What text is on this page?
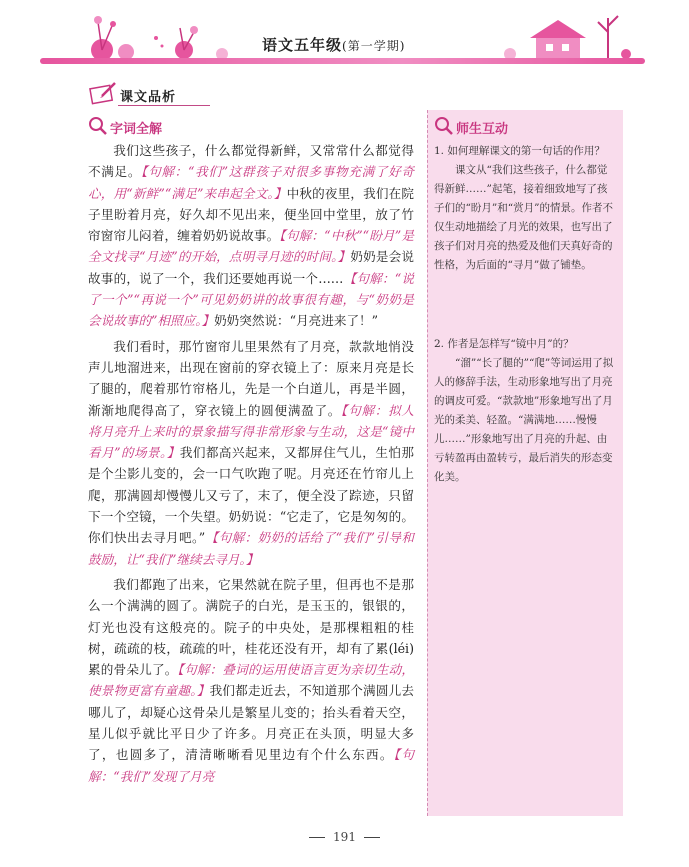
语文五年级(第一学期)
课文品析
字词全解

我们这些孩子，什么都觉得新鲜，又常常什么都觉得不满足。【句解：“我们”这群孩子对很多事物充满了好奇心，用“新鲜”“满足”来串起全文。】中秋的夜里，我们在院子里盼着月亮，好久却不见出来，便坐回中堂里，放了竹帘窗帘儿闷着，缠着奶奶说故事。【句解：“中秋”“盼月”是全文找寻“月迹”的开始，点明寻月迹的时间。】奶奶是会说故事的，说了一个，我们还要她再说一个……【句解：“说了一个”“再说一个”可见奶奶讲的故事很有趣，与“奶奶是会说故事的”相照应。】奶奶突然说：“月亮进来了！”

我们看时，那竹窗帘儿里果然有了月亮，款款地悄没声儿地溜进来，出现在窗前的穿衣镜上了：原来月亮是长了腿的，爬着那竹帘格儿，先是一个白道儿，再是半圆，渐渐地爬得高了，穿衣镜上的圆便满盈了。【句解：拟人　将月亮升上来时的景象描写得非常形象与生动，这是“镜中看月”的场景。】我们都高兴起来，又都屏住气儿，生怕那是个尘影儿变的，会一口气吹跑了呢。月亮还在竹帘儿上爬，那满圆却慢慢儿又亏了，末了，便全没了踪迹，只留下一个空镜，一个失望。奶奶说：“它走了，它是匆匆的。你们快出去寻月吧。”【句解：奶奶的话给了“我们”引导和鼓励，让“我们”继续去寻月。】

我们都跑了出来，它果然就在院子里，但再也不是那么一个满满的圆了。满院子的白光，是玉玉的，银银的，灯光也没有这般亮的。院子的中央处，是那棵粗粗的桂树，疏疏的枝，疏疏的叶，桂花还没有开，却有了累(léi)累的骨朵儿了。【句解：叠词的运用使语言更为亲切生动，使景物更富有童趣。】我们都走近去，不知道那个满圆儿去哪儿了，却疑心这骨朵儿是繁星儿变的；抬头看着天空，星儿似乎就比平日少了许多。月亮正在头顶，明显大多了，也圆多了，清清晰晰看见里边有个什么东西。【句解：“我们”发现了月亮

师生互动

1. 如何理解课文的第一句话的作用？

课文从“我们这些孩子，什么都觉得新鲜……”起笔，接着细致地写了孩子们的“盼月”和“赏月”的情景。作者不仅生动地描绘了月光的效果，也写出了孩子们对月亮的热爱及他们天真好奇的性格，为后面的“寻月”做了铺垫。

2. 作者是怎样写“镜中月”的？

“溜”“长了腿的”“爬”等词运用了拟人的修辞手法，生动形象地写出了月亮的调皮可爱。“款款地”形象地写出了月光的柔美、轻盈。“满满地……慢慢儿……”形象地写出了月亮的升起、由亏转盈再由盈转亏，最后消失的形态变化美。

191
